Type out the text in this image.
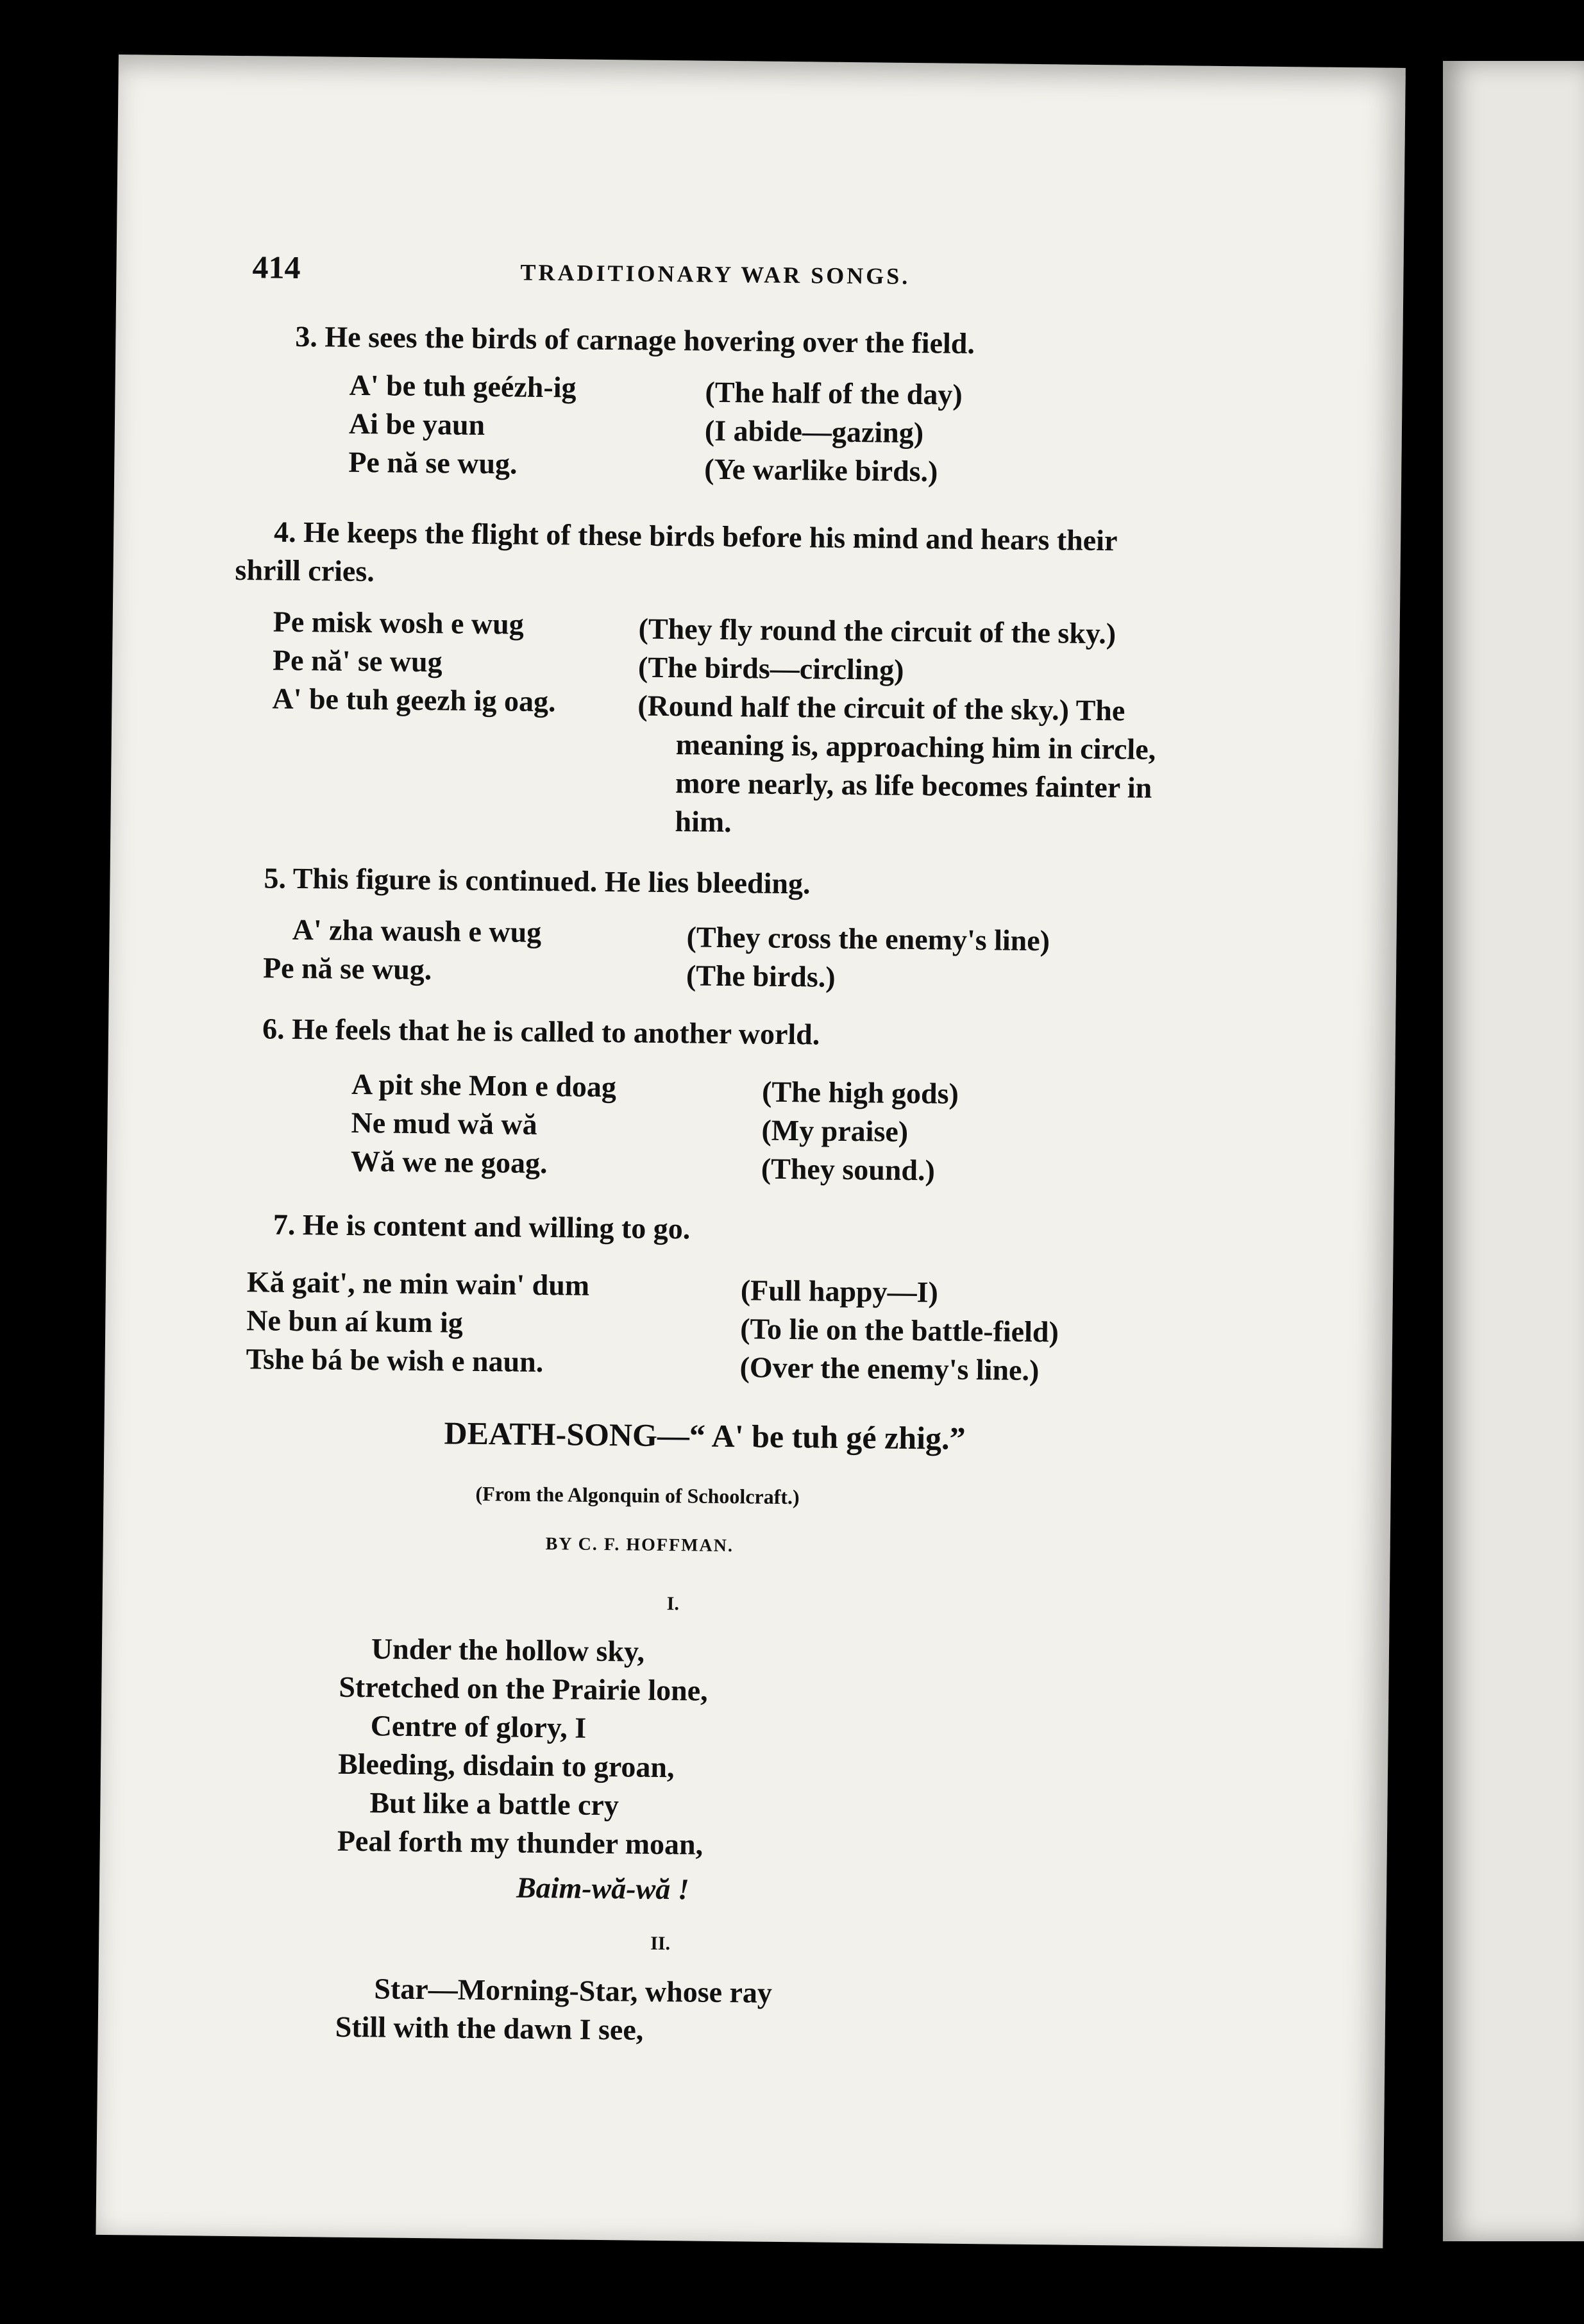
414	TRADITIONARY WAR SONGS.
3. He sees the birds of carnage hovering over the field.
A' be tuh geézh-ig	(The half of the day)
Ai be yaun	(I abide—gazing)
Pe nă se wug.	(Ye warlike birds.)
4. He keeps the flight of these birds before his mind and hears their
shrill cries.
Pe misk wosh e wug	(They fly round the circuit of the sky.)
Pe nă' se wug	(The birds—circling)
A' be tuh geezh ig oag.	(Round half the circuit of the sky.) The
meaning is, approaching him in circle,
more nearly, as life becomes fainter in
him.
5. This figure is continued. He lies bleeding.
A' zha waush e wug	(They cross the enemy's line)
Pe nă se wug.	(The birds.)
6. He feels that he is called to another world.
A pit she Mon e doag	(The high gods)
Ne mud wă wă	(My praise)
Wă we ne goag.	(They sound.)
7. He is content and willing to go.
Kă gait', ne min wain' dum	(Full happy—I)
Ne bun aí kum ig	(To lie on the battle-field)
Tshe bá be wish e naun.	(Over the enemy's line.)
DEATH-SONG—“ A' be tuh gé zhig.”
(From the Algonquin of Schoolcraft.)
BY C. F. HOFFMAN.
I.
Under the hollow sky,
Stretched on the Prairie lone,
Centre of glory, I
Bleeding, disdain to groan,
But like a battle cry
Peal forth my thunder moan,
Baim-wă-wă !
II.
Star—Morning-Star, whose ray
Still with the dawn I see,
